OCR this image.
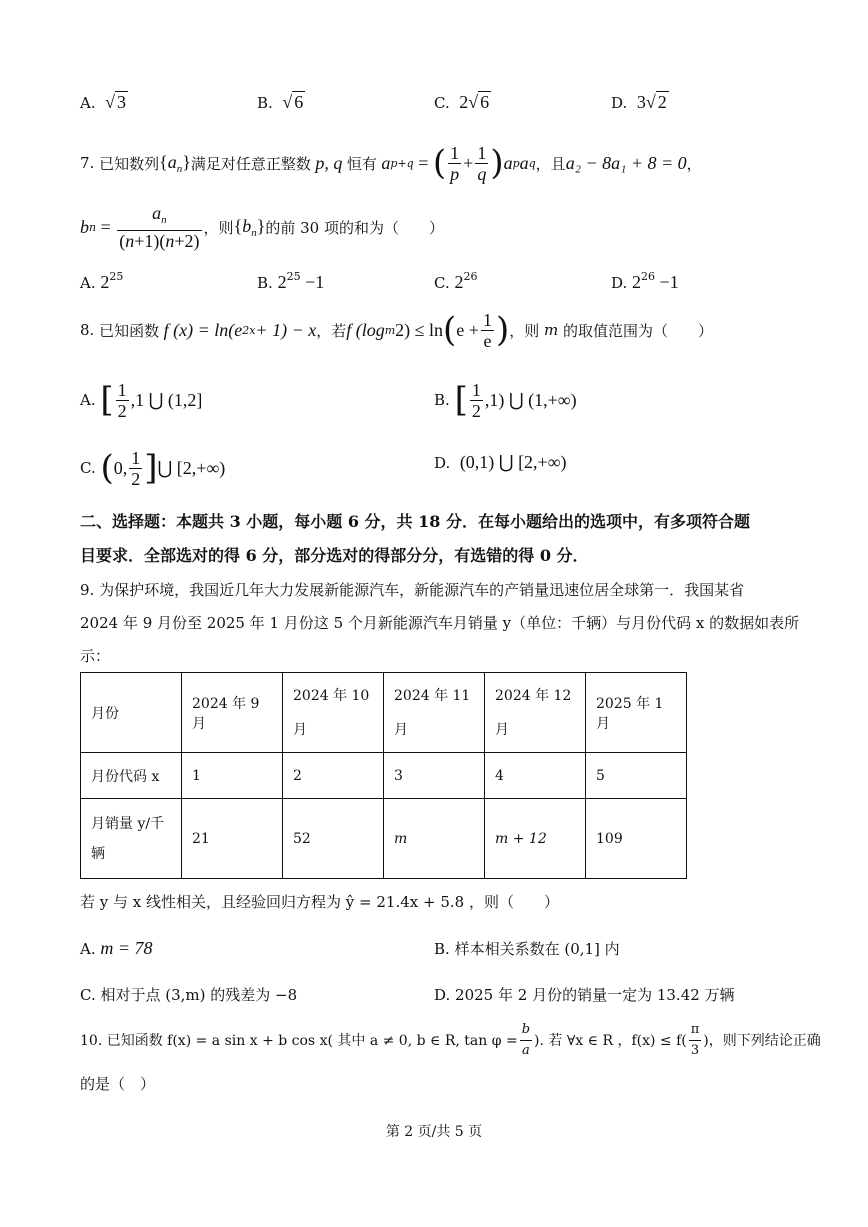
A. √ 3	B. √ 6	C. 2√ 6	D. 3√ 2
7.
已知数列 $\{a_n\}$ 满足对任意正整数 p, q 恒有 a p+q = ( $\frac{1}{p} + \frac{1}{q}$ ) a p a q ，且 a₂ − 8a₁ + 8 = 0 ，
b $n = \frac{a_n}{(n+1)(n+2)}$ ，则 $\{b_n\}$ 的前 30 项的和为（　　）
A. $2^{25}$	B. $2^{25} -1$	C. $2^{26}$	D. $2^{26} -1$
8.
已知函数
f (x) = ln(e 2x + 1) − x ，若 f (log m 2) ≤ ln ( $e + \frac{1}{e}$ ) ，则
m
的取值范围为（　　）
A.
[ $\frac{1}{2} ,1$ ⋃ (1,2]	B.
[ $\frac{1}{2} ,1$) ⋃ (1,+∞)
C.
( 0, $\frac{1}{2}$ ] ⋃ [2,+∞)	D. (0,1) ⋃ [2,+∞)
二、选择题：本题共 3 小题，每小题 6 分，共 18 分．在每小题给出的选项中，有多项符合题
目要求．全部选对的得 6 分，部分选对的得部分分，有选错的得 0 分．
9. 为保护环境，我国近几年大力发展新能源汽车，新能源汽车的产销量迅速位居全球第一．我国某省
2024 年 9 月份至 2025 年 1 月份这 5 个月新能源汽车月销量 y（单位：千辆）与月份代码 x 的数据如表所
示：
月份	2024 年 9 月	2024 年 10 月	2024 年 11 月	2024 年 12 月	2025 年 1 月
月份代码 x	1	2	3	4	5
月销量 y/千辆	21	52	m	m + 12	109
若 y 与 x 线性相关，且经验回归方程为 ŷ = 21.4x + 5.8 ，则（　　）
A. m = 78	B. 样本相关系数在 (0,1] 内
C. 相对于点 (3,m) 的残差为 −8	D. 2025 年 2 月份的销量一定为 13.42 万辆
10. 已知函数 f(x) = a sin x + b cos x( 其中 a ≠ 0, b ∈ R, $\tan \varphi = \frac{b}{a}$ ). 若 ∀x ∈ R ，$f(x) \le f( \frac{\pi}{3}$ )，则下列结论正确
的是（　）
第 2 页/共 5 页
